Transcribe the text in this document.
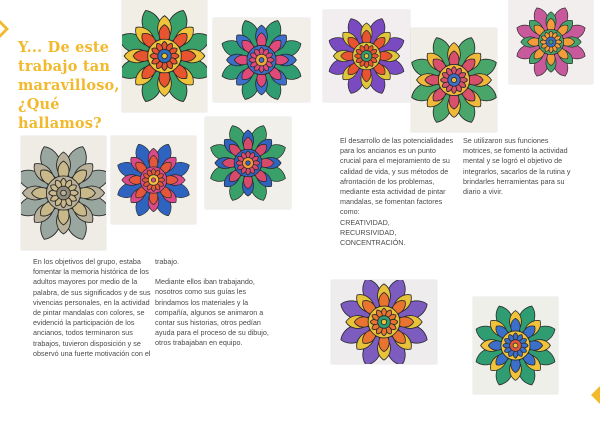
Y... De este trabajo tan maravilloso, ¿Qué hallamos?
En los objetivos del grupo, estaba fomentar la memoria histórica de los adultos mayores por medio de la palabra, de sus significados y de sus vivencias personales, en la actividad de pintar mandalas con colores, se evidenció la participación de los ancianos, todos terminaron sus trabajos, tuvieron disposición y se observó una fuerte motivación con el
trabajo.
Mediante ellos iban trabajando, nosotros como sus guías les brindamos los materiales y la compañía, algunos se animaron a contar sus historias, otros pedían ayuda para el proceso de su dibujo, otros trabajaban en equipo.
El desarrollo de las potencialidades para los ancianos es un punto crucial para el mejoramiento de su calidad de vida, y sus métodos de afrontación de los problemas, mediante esta actividad de pintar mandalas, se fomentan factores como:
CREATIVIDAD, RECURSIVIDAD, CONCENTRACIÓN.
Se utilizaron sus funciones motrices, se fomentó la actividad mental y se logró el objetivo de integrarlos, sacarlos de la rutina y brindarles herramientas para su diario a vivir.
